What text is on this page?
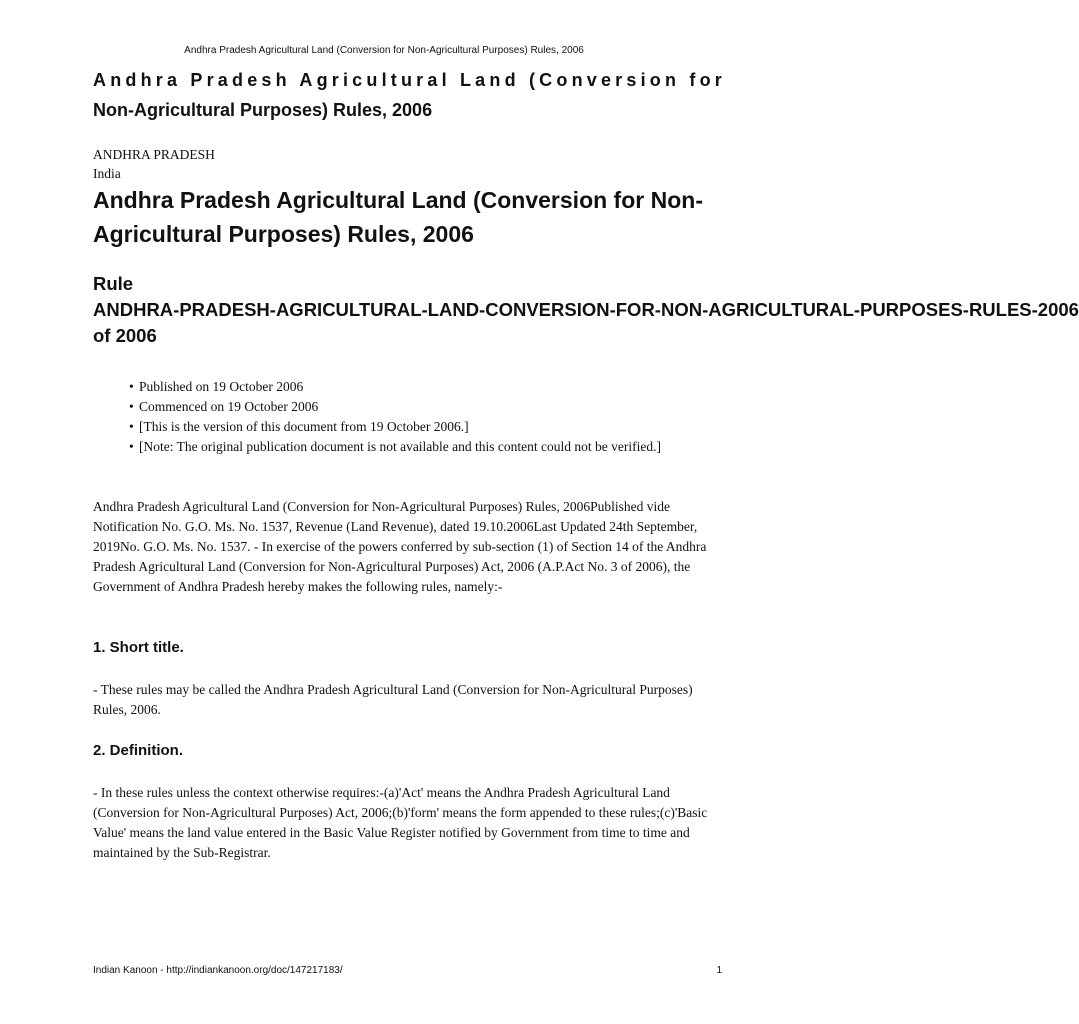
Andhra Pradesh Agricultural Land (Conversion for Non-Agricultural Purposes) Rules, 2006
Andhra Pradesh Agricultural Land (Conversion for
Non-Agricultural Purposes) Rules, 2006
ANDHRA PRADESH
India
Andhra Pradesh Agricultural Land (Conversion for Non-Agricultural Purposes) Rules, 2006
Rule
ANDHRA-PRADESH-AGRICULTURAL-LAND-CONVERSION-FOR-NON-AGRICULTURAL-PURPOSES-RULES-2006
of 2006
• Published on 19 October 2006
• Commenced on 19 October 2006
• [This is the version of this document from 19 October 2006.]
• [Note: The original publication document is not available and this content could not be verified.]

Andhra Pradesh Agricultural Land (Conversion for Non-Agricultural Purposes) Rules, 2006Published vide Notification No. G.O. Ms. No. 1537, Revenue (Land Revenue), dated 19.10.2006Last Updated 24th September, 2019No. G.O. Ms. No. 1537. - In exercise of the powers conferred by sub-section (1) of Section 14 of the Andhra Pradesh Agricultural Land (Conversion for Non-Agricultural Purposes) Act, 2006 (A.P.Act No. 3 of 2006), the Government of Andhra Pradesh hereby makes the following rules, namely:-

1. Short title.

- These rules may be called the Andhra Pradesh Agricultural Land (Conversion for Non-Agricultural Purposes) Rules, 2006.

2. Definition.

- In these rules unless the context otherwise requires:-(a)'Act' means the Andhra Pradesh Agricultural Land (Conversion for Non-Agricultural Purposes) Act, 2006;(b)'form' means the form appended to these rules;(c)'Basic Value' means the land value entered in the Basic Value Register notified by Government from time to time and maintained by the Sub-Registrar.

Indian Kanoon - http://indiankanoon.org/doc/147217183/	1
